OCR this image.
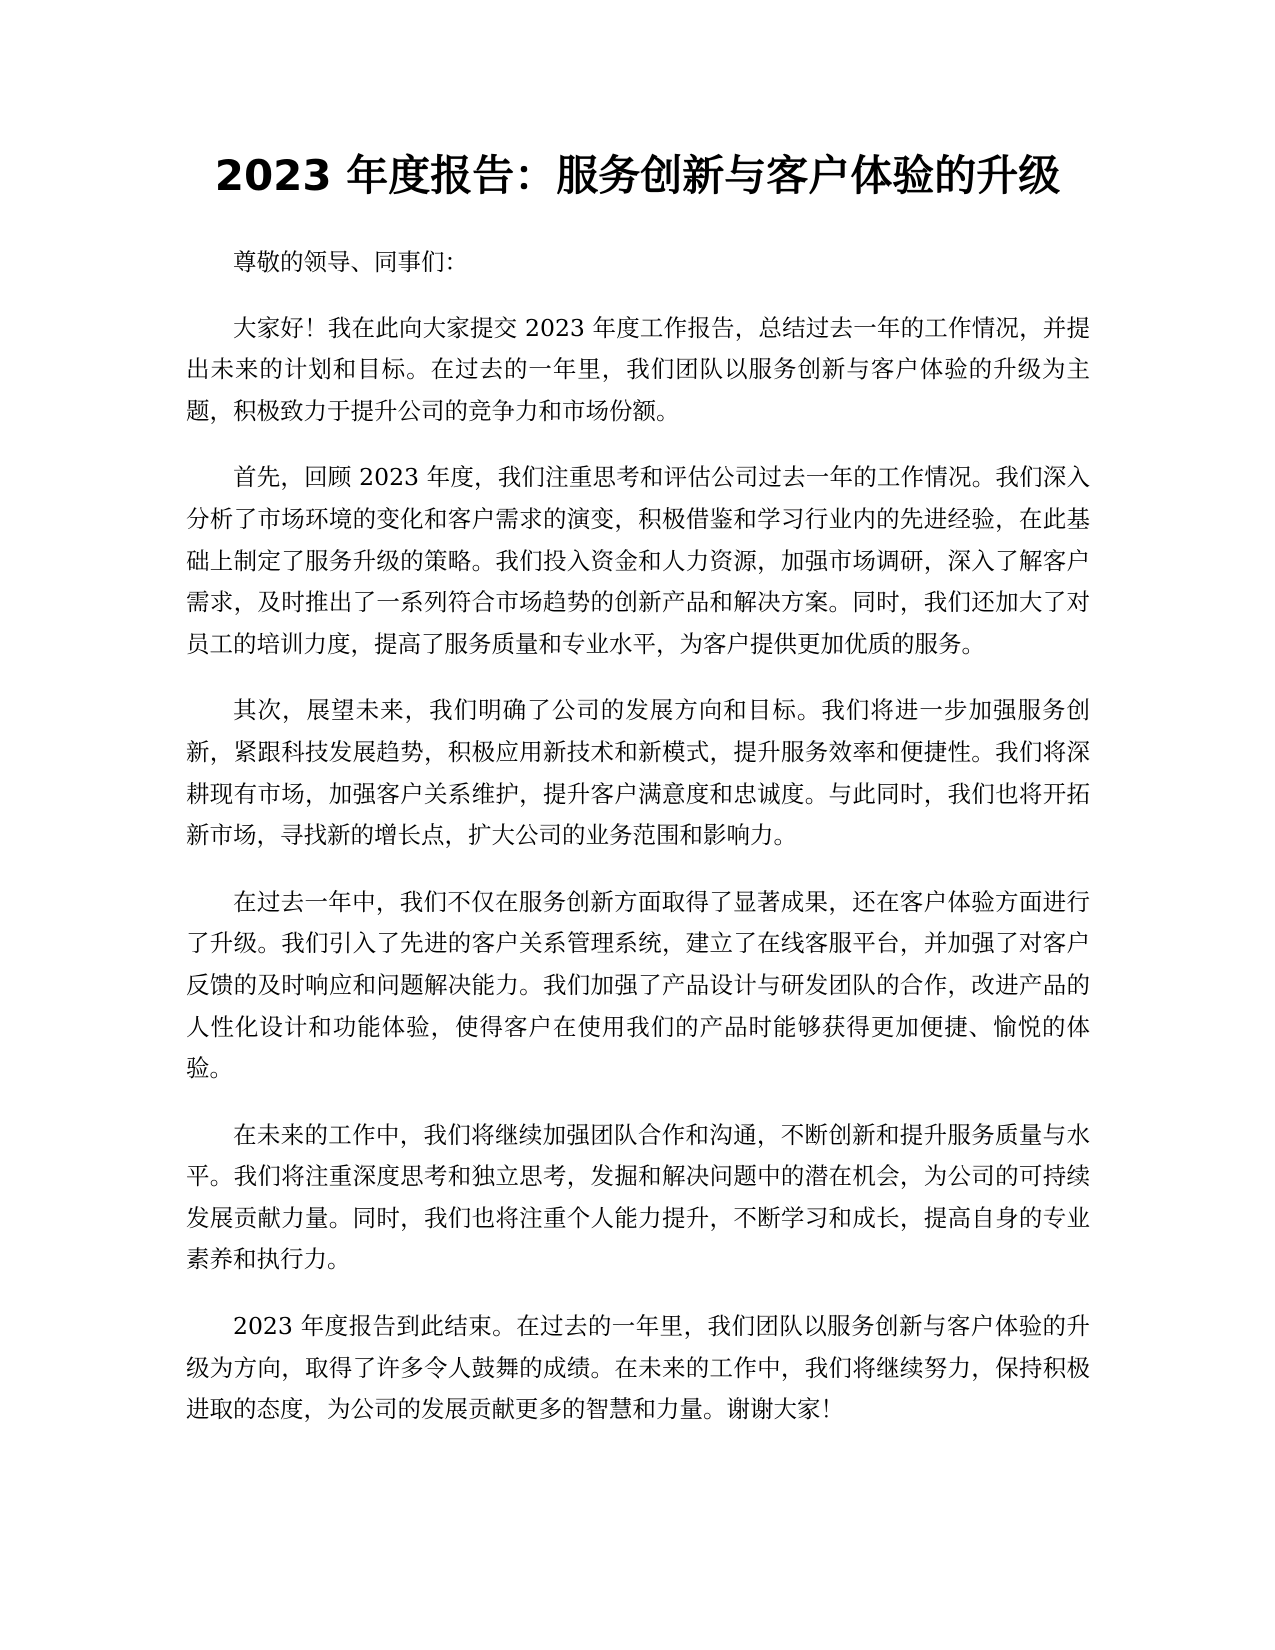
2023 年度报告：服务创新与客户体验的升级

尊敬的领导、同事们：

大家好！我在此向大家提交 2023 年度工作报告，总结过去一年的工作情况，并提出未来的计划和目标。在过去的一年里，我们团队以服务创新与客户体验的升级为主题，积极致力于提升公司的竞争力和市场份额。

首先，回顾 2023 年度，我们注重思考和评估公司过去一年的工作情况。我们深入分析了市场环境的变化和客户需求的演变，积极借鉴和学习行业内的先进经验，在此基础上制定了服务升级的策略。我们投入资金和人力资源，加强市场调研，深入了解客户需求，及时推出了一系列符合市场趋势的创新产品和解决方案。同时，我们还加大了对员工的培训力度，提高了服务质量和专业水平，为客户提供更加优质的服务。

其次，展望未来，我们明确了公司的发展方向和目标。我们将进一步加强服务创新，紧跟科技发展趋势，积极应用新技术和新模式，提升服务效率和便捷性。我们将深耕现有市场，加强客户关系维护，提升客户满意度和忠诚度。与此同时，我们也将开拓新市场，寻找新的增长点，扩大公司的业务范围和影响力。

在过去一年中，我们不仅在服务创新方面取得了显著成果，还在客户体验方面进行了升级。我们引入了先进的客户关系管理系统，建立了在线客服平台，并加强了对客户反馈的及时响应和问题解决能力。我们加强了产品设计与研发团队的合作，改进产品的人性化设计和功能体验，使得客户在使用我们的产品时能够获得更加便捷、愉悦的体验。

在未来的工作中，我们将继续加强团队合作和沟通，不断创新和提升服务质量与水平。我们将注重深度思考和独立思考，发掘和解决问题中的潜在机会，为公司的可持续发展贡献力量。同时，我们也将注重个人能力提升，不断学习和成长，提高自身的专业素养和执行力。

2023 年度报告到此结束。在过去的一年里，我们团队以服务创新与客户体验的升级为方向，取得了许多令人鼓舞的成绩。在未来的工作中，我们将继续努力，保持积极进取的态度，为公司的发展贡献更多的智慧和力量。谢谢大家！
